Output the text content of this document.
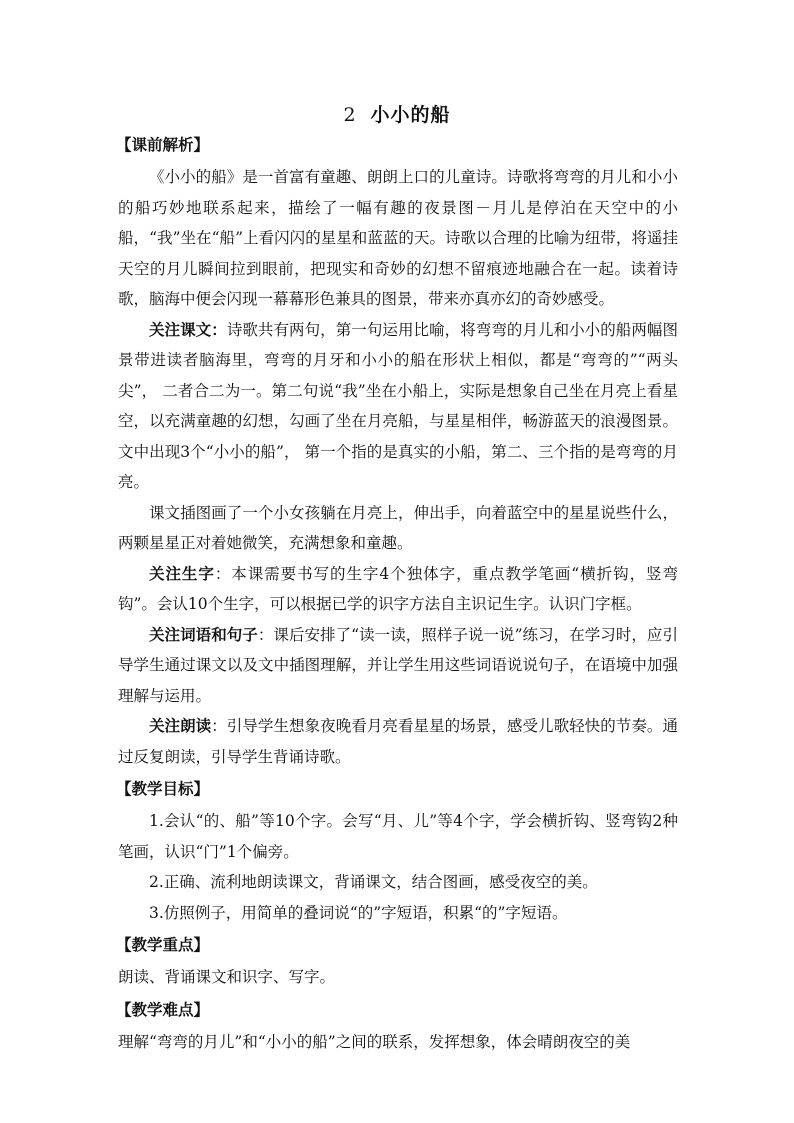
2 小小的船
【课前解析】
《小小的船》是一首富有童趣、朗朗上口的儿童诗。诗歌将弯弯的月儿和小小的船巧妙地联系起来，描绘了一幅有趣的夜景图－月儿是停泊在天空中的小船，“我”坐在“船”上看闪闪的星星和蓝蓝的天。诗歌以合理的比喻为纽带，将遥挂天空的月儿瞬间拉到眼前，把现实和奇妙的幻想不留痕迹地融合在一起。读着诗歌，脑海中便会闪现一幕幕形色兼具的图景，带来亦真亦幻的奇妙感受。
关注课文：诗歌共有两句，第一句运用比喻，将弯弯的月儿和小小的船两幅图景带进读者脑海里，弯弯的月牙和小小的船在形状上相似，都是“弯弯的”“两头尖”， 二者合二为一。第二句说“我”坐在小船上，实际是想象自己坐在月亮上看星空，以充满童趣的幻想，勾画了坐在月亮船，与星星相伴，畅游蓝天的浪漫图景。文中出现3个“小小的船”， 第一个指的是真实的小船，第二、三个指的是弯弯的月亮。
课文插图画了一个小女孩躺在月亮上，伸出手，向着蓝空中的星星说些什么，两颗星星正对着她微笑，充满想象和童趣。
关注生字：本课需要书写的生字4个独体字，重点教学笔画“横折钩，竖弯钩”。会认10个生字，可以根据已学的识字方法自主识记生字。认识门字框。
关注词语和句子：课后安排了“读一读，照样子说一说”练习，在学习时，应引导学生通过课文以及文中插图理解，并让学生用这些词语说说句子，在语境中加强理解与运用。
关注朗读：引导学生想象夜晚看月亮看星星的场景，感受儿歌轻快的节奏。通过反复朗读，引导学生背诵诗歌。
【教学目标】
1.会认“的、船”等10个字。会写“月、儿”等4个字，学会横折钩、竖弯钩2种笔画，认识“门”1个偏旁。
2.正确、流利地朗读课文，背诵课文，结合图画，感受夜空的美。
3.仿照例子，用简单的叠词说“的”字短语，积累“的”字短语。
【教学重点】
朗读、背诵课文和识字、写字。
【教学难点】
理解“弯弯的月儿”和“小小的船”之间的联系，发挥想象，体会晴朗夜空的美
